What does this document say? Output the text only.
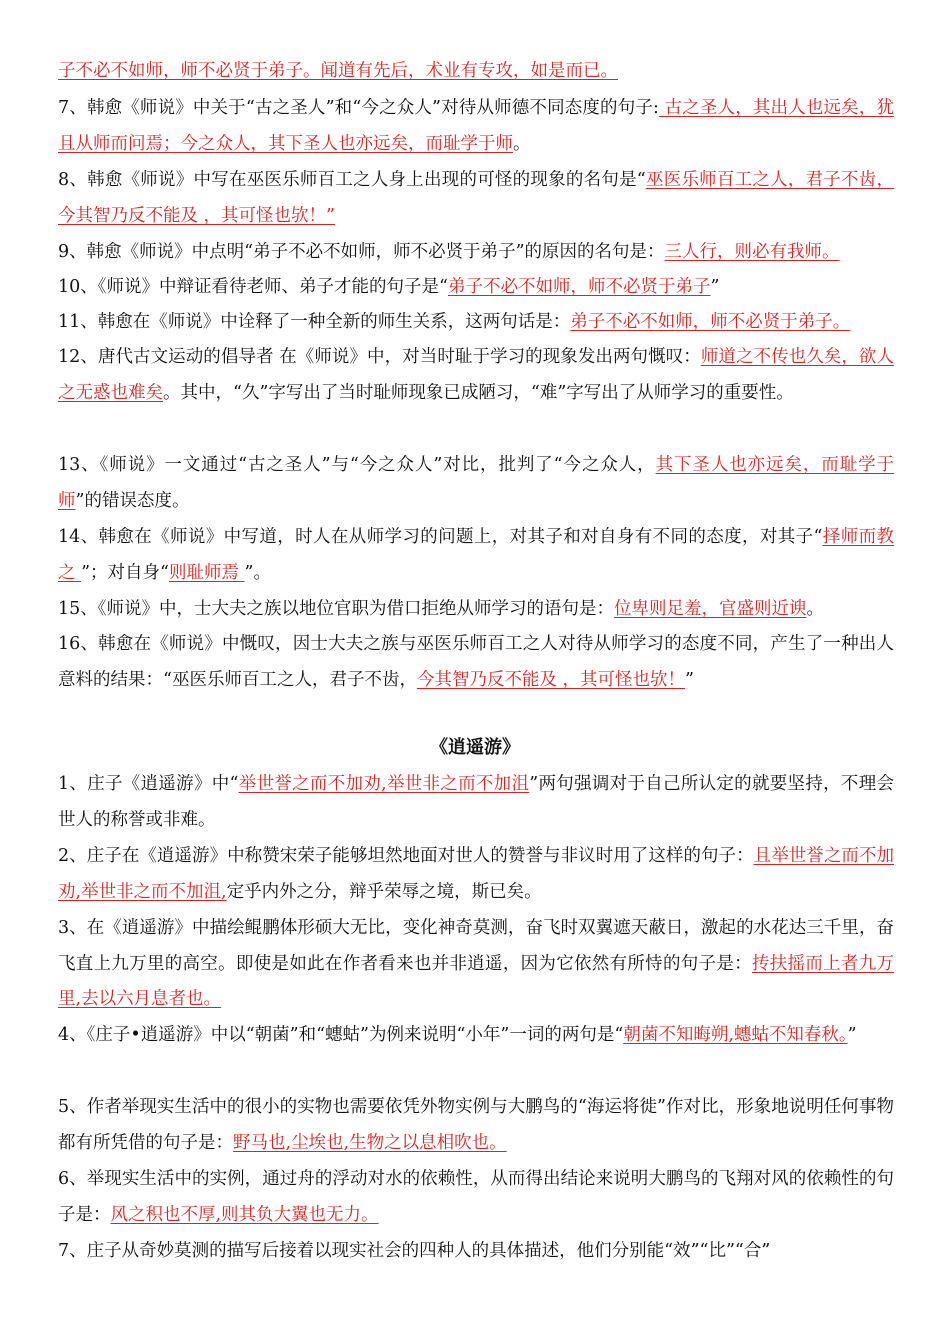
子不必不如师，师不必贤于弟子。闻道有先后，术业有专攻，如是而已。

7、韩愈《师说》中关于“古之圣人”和“今之众人”对待从师德不同态度的句子: 古之圣人，其出人也远矣，犹且从师而问焉；今之众人，其下圣人也亦远矣，而耻学于师。

8、韩愈《师说》中写在巫医乐师百工之人身上出现的可怪的现象的名句是“巫医乐师百工之人，君子不齿，今其智乃反不能及 ，其可怪也欤！”

9、韩愈《师说》中点明“弟子不必不如师，师不必贤于弟子”的原因的名句是：三人行，则必有我师。

10、《师说》中辩证看待老师、弟子才能的句子是“弟子不必不如师，师不必贤于弟子”

11、韩愈在《师说》中诠释了一种全新的师生关系，这两句话是：弟子不必不如师，师不必贤于弟子。

12、唐代古文运动的倡导者 在《师说》中，对当时耻于学习的现象发出两句慨叹：师道之不传也久矣，欲人之无惑也难矣。其中，“久”字写出了当时耻师现象已成陋习，“难”字写出了从师学习的重要性。

13、《师说》一文通过“古之圣人”与“今之众人”对比，批判了“今之众人，其下圣人也亦远矣，而耻学于师”的错误态度。

14、韩愈在《师说》中写道，时人在从师学习的问题上，对其子和对自身有不同的态度，对其子“择师而教之 ”；对自身“则耻师焉 ”。

15、《师说》中，士大夫之族以地位官职为借口拒绝从师学习的语句是：位卑则足羞，官盛则近谀。

16、韩愈在《师说》中慨叹，因士大夫之族与巫医乐师百工之人对待从师学习的态度不同，产生了一种出人意料的结果：“巫医乐师百工之人，君子不齿，今其智乃反不能及 ，其可怪也欤！”

《逍遥游》

1、庄子《逍遥游》中“举世誉之而不加劝,举世非之而不加沮”两句强调对于自己所认定的就要坚持，不理会世人的称誉或非难。

2、庄子在《逍遥游》中称赞宋荣子能够坦然地面对世人的赞誉与非议时用了这样的句子：且举世誉之而不加劝,举世非之而不加沮,定乎内外之分，辩乎荣辱之境，斯已矣。

3、在《逍遥游》中描绘鲲鹏体形硕大无比，变化神奇莫测，奋飞时双翼遮天蔽日，激起的水花达三千里，奋飞直上九万里的高空。即使是如此在作者看来也并非逍遥，因为它依然有所恃的句子是：抟扶摇而上者九万里,去以六月息者也。

4、《庄子•逍遥游》中以“朝菌”和“蟪蛄”为例来说明“小年”一词的两句是“朝菌不知晦朔,蟪蛄不知春秋。”

5、作者举现实生活中的很小的实物也需要依凭外物实例与大鹏鸟的“海运将徙”作对比，形象地说明任何事物都有所凭借的句子是：野马也,尘埃也,生物之以息相吹也。

6、举现实生活中的实例，通过舟的浮动对水的依赖性，从而得出结论来说明大鹏鸟的飞翔对风的依赖性的句子是：风之积也不厚,则其负大翼也无力。

7、庄子从奇妙莫测的描写后接着以现实社会的四种人的具体描述，他们分别能“效”“比”“合”
